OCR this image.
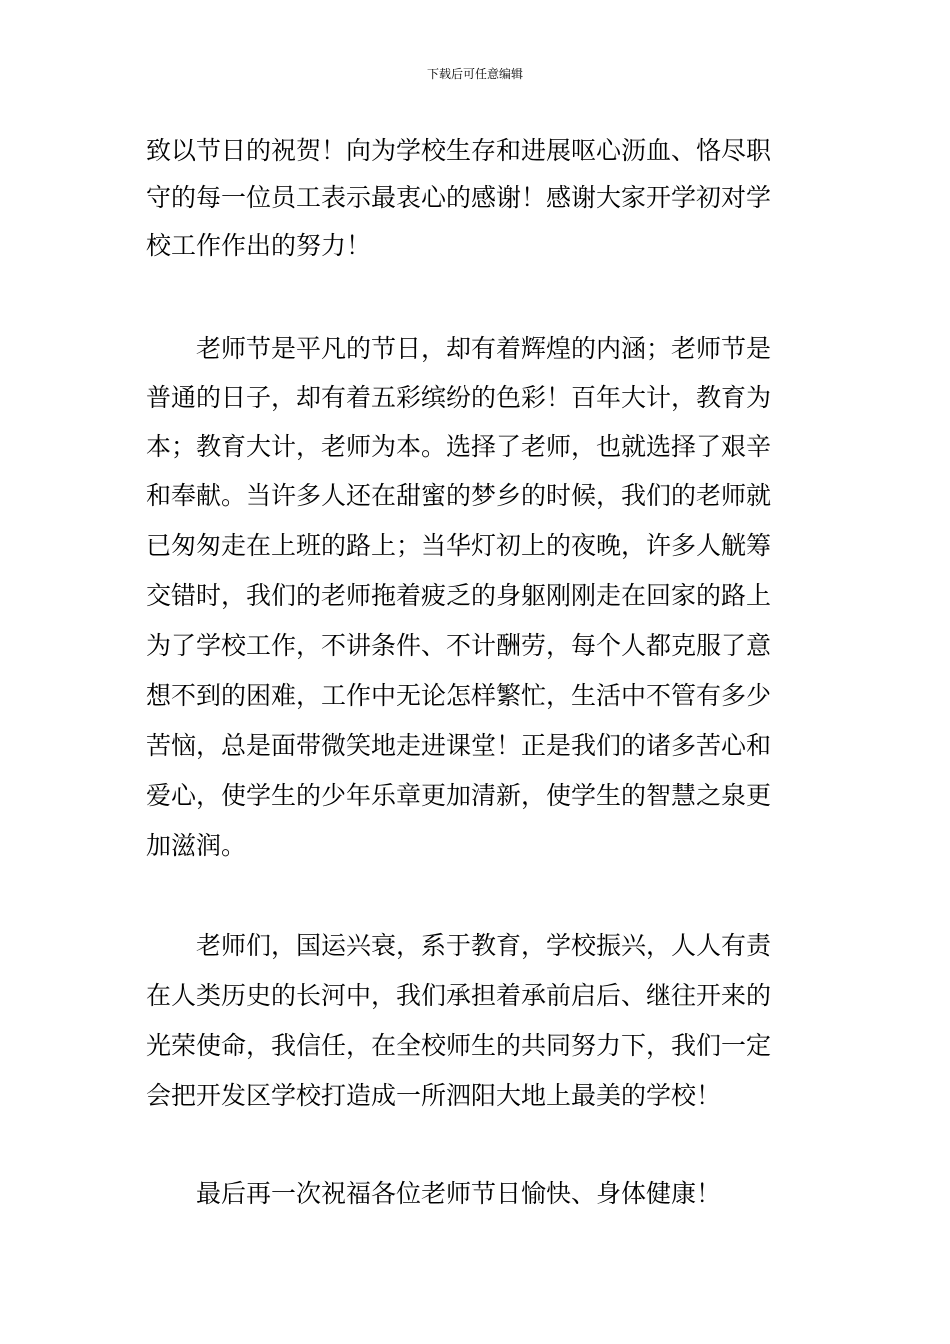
下载后可任意编辑
致以节日的祝贺！向为学校生存和进展呕心沥血、恪尽职
守的每一位员工表示最衷心的感谢！感谢大家开学初对学
校工作作出的努力！
老师节是平凡的节日，却有着辉煌的内涵；老师节是
普通的日子，却有着五彩缤纷的色彩！百年大计，教育为
本；教育大计，老师为本。选择了老师，也就选择了艰辛
和奉献。当许多人还在甜蜜的梦乡的时候，我们的老师就
已匆匆走在上班的路上；当华灯初上的夜晚，许多人觥筹
交错时，我们的老师拖着疲乏的身躯刚刚走在回家的路上
为了学校工作，不讲条件、不计酬劳，每个人都克服了意
想不到的困难，工作中无论怎样繁忙，生活中不管有多少
苦恼，总是面带微笑地走进课堂！正是我们的诸多苦心和
爱心，使学生的少年乐章更加清新，使学生的智慧之泉更
加滋润。
老师们，国运兴衰，系于教育，学校振兴，人人有责
在人类历史的长河中，我们承担着承前启后、继往开来的
光荣使命，我信任，在全校师生的共同努力下，我们一定
会把开发区学校打造成一所泗阳大地上最美的学校！
最后再一次祝福各位老师节日愉快、身体健康！
